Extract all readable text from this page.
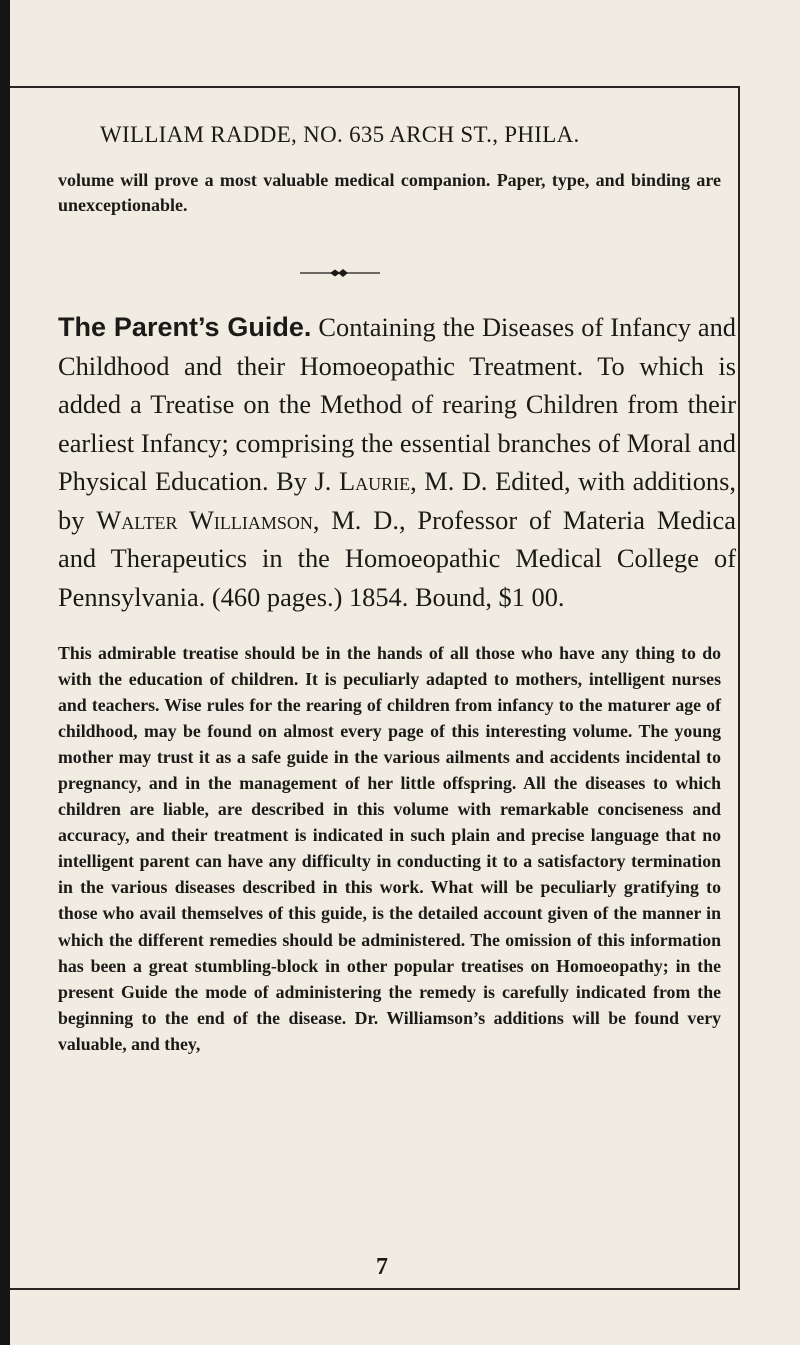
WILLIAM RADDE, NO. 635 ARCH ST., PHILA.

volume will prove a most valuable medical companion. Paper, type, and binding are unexceptionable.

The Parent’s Guide. Containing the Diseases of Infancy and Childhood and their Homoeopathic Treatment. To which is added a Treatise on the Method of rearing Children from their earliest Infancy; comprising the essential branches of Moral and Physical Education. By J. Laurie, M. D. Edited, with additions, by Walter Williamson, M. D., Professor of Materia Medica and Therapeutics in the Homoeopathic Medical College of Pennsylvania. (460 pages.) 1854. Bound, $1 00.

This admirable treatise should be in the hands of all those who have any thing to do with the education of children. It is peculiarly adapted to mothers, intelligent nurses and teachers. Wise rules for the rearing of children from infancy to the maturer age of childhood, may be found on almost every page of this interesting volume. The young mother may trust it as a safe guide in the various ailments and accidents incidental to pregnancy, and in the management of her little offspring. All the diseases to which children are liable, are described in this volume with remarkable conciseness and accuracy, and their treatment is indicated in such plain and precise language that no intelligent parent can have any difficulty in conducting it to a satisfactory termination in the various diseases described in this work. What will be peculiarly gratifying to those who avail themselves of this guide, is the detailed account given of the manner in which the different remedies should be administered. The omission of this information has been a great stumbling-block in other popular treatises on Homoeopathy; in the present Guide the mode of administering the remedy is carefully indicated from the beginning to the end of the disease. Dr. Williamson’s additions will be found very valuable, and they,

7
